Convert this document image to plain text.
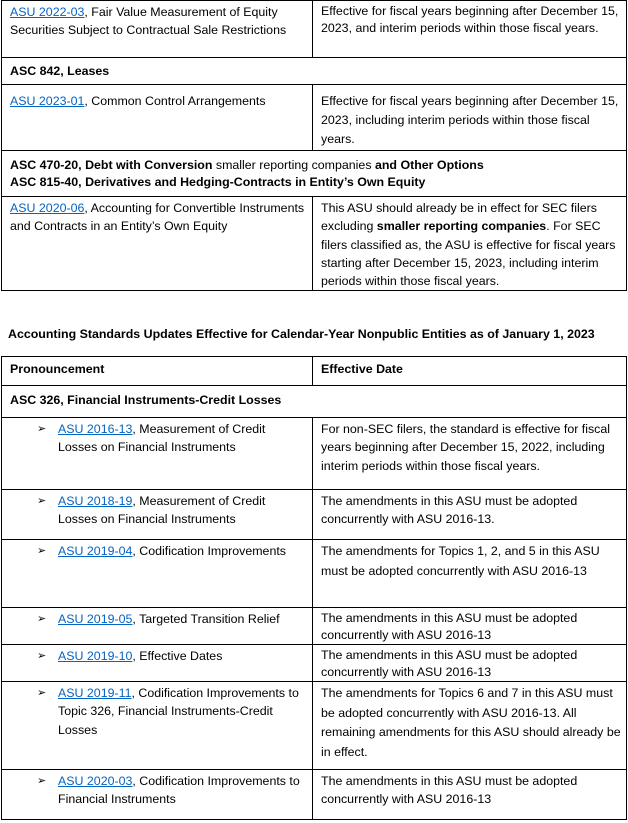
ASU 2022-03, Fair Value Measurement of Equity Securities Subject to Contractual Sale Restrictions	Effective for fiscal years beginning after December 15, 2023, and interim periods within those fiscal years.
ASC 842, Leases	
ASU 2023-01, Common Control Arrangements	Effective for fiscal years beginning after December 15, 2023, including interim periods within those fiscal years.
ASC 470-20, Debt with Conversion smaller reporting companies and Other Options
ASC 815-40, Derivatives and Hedging-Contracts in Entity’s Own Equity	
ASU 2020-06, Accounting for Convertible Instruments and Contracts in an Entity’s Own Equity	This ASU should already be in effect for SEC filers excluding smaller reporting companies. For SEC filers classified as, the ASU is effective for fiscal years starting after December 15, 2023, including interim periods within those fiscal years.
Accounting Standards Updates Effective for Calendar-Year Nonpublic Entities as of January 1, 2023
Pronouncement	Effective Date
ASC 326, Financial Instruments-Credit Losses	

➢ ASU 2016-13, Measurement of Credit Losses on Financial Instruments	For non-SEC filers, the standard is effective for fiscal years beginning after December 15, 2022, including interim periods within those fiscal years.

➢ ASU 2018-19, Measurement of Credit Losses on Financial Instruments	The amendments in this ASU must be adopted concurrently with ASU 2016-13.

➢ ASU 2019-04, Codification Improvements	The amendments for Topics 1, 2, and 5 in this ASU must be adopted concurrently with ASU 2016-13

➢ ASU 2019-05, Targeted Transition Relief	The amendments in this ASU must be adopted concurrently with ASU 2016-13

➢ ASU 2019-10, Effective Dates	The amendments in this ASU must be adopted concurrently with ASU 2016-13

➢ ASU 2019-11, Codification Improvements to Topic 326, Financial Instruments-Credit Losses	The amendments for Topics 6 and 7 in this ASU must be adopted concurrently with ASU 2016-13. All remaining amendments for this ASU should already be in effect.

➢ ASU 2020-03, Codification Improvements to Financial Instruments	The amendments in this ASU must be adopted concurrently with ASU 2016-13
